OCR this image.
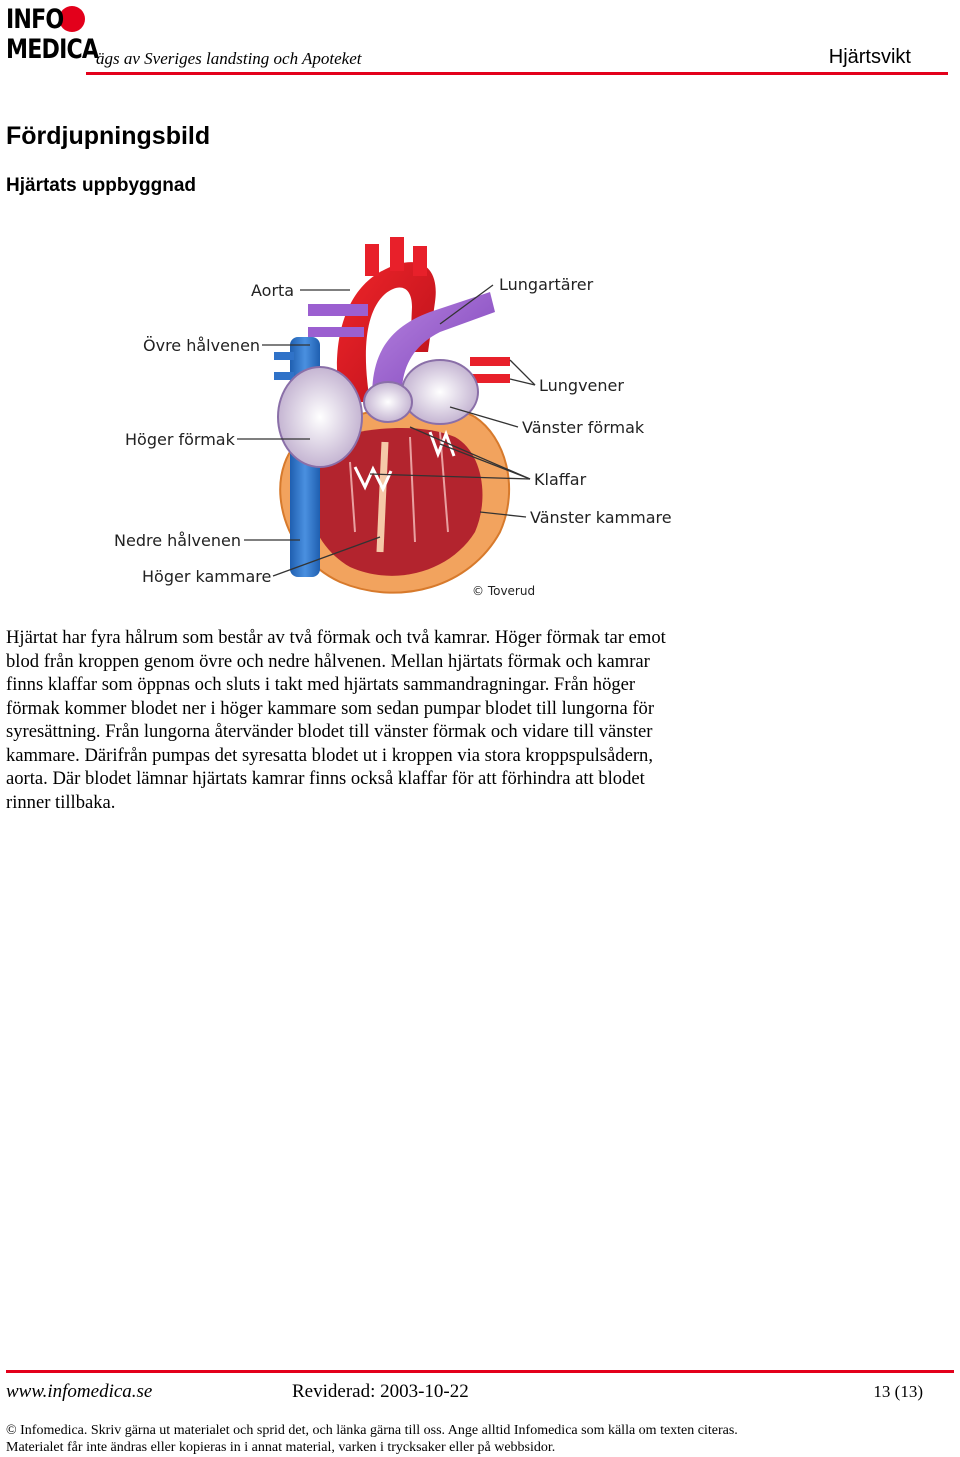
INFO
MEDICA
ägs av Sveriges landsting och Apoteket	Hjärtsvikt
Fördjupningsbild
Hjärtats uppbyggnad
Aorta
Övre hålvenen
Höger förmak
Nedre hålvenen
Höger kammare
Lungartärer
Lungvener
Vänster förmak
Klaffar
Vänster kammare
© Toverud

Hjärtat har fyra hålrum som består av två förmak och två kamrar. Höger förmak tar emot blod från kroppen genom övre och nedre hålvenen. Mellan hjärtats förmak och kamrar finns klaffar som öppnas och sluts i takt med hjärtats sammandragningar. Från höger förmak kommer blodet ner i höger kammare som sedan pumpar blodet till lungorna för syresättning. Från lungorna återvänder blodet till vänster förmak och vidare till vänster kammare. Därifrån pumpas det syresatta blodet ut i kroppen via stora kroppspulsådern, aorta. Där blodet lämnar hjärtats kamrar finns också klaffar för att förhindra att blodet rinner tillbaka.

www.infomedica.se	Reviderad: 2003-10-22	13 (13)
© Infomedica. Skriv gärna ut materialet och sprid det, och länka gärna till oss. Ange alltid Infomedica som källa om texten citeras.
Materialet får inte ändras eller kopieras in i annat material, varken i trycksaker eller på webbsidor.
